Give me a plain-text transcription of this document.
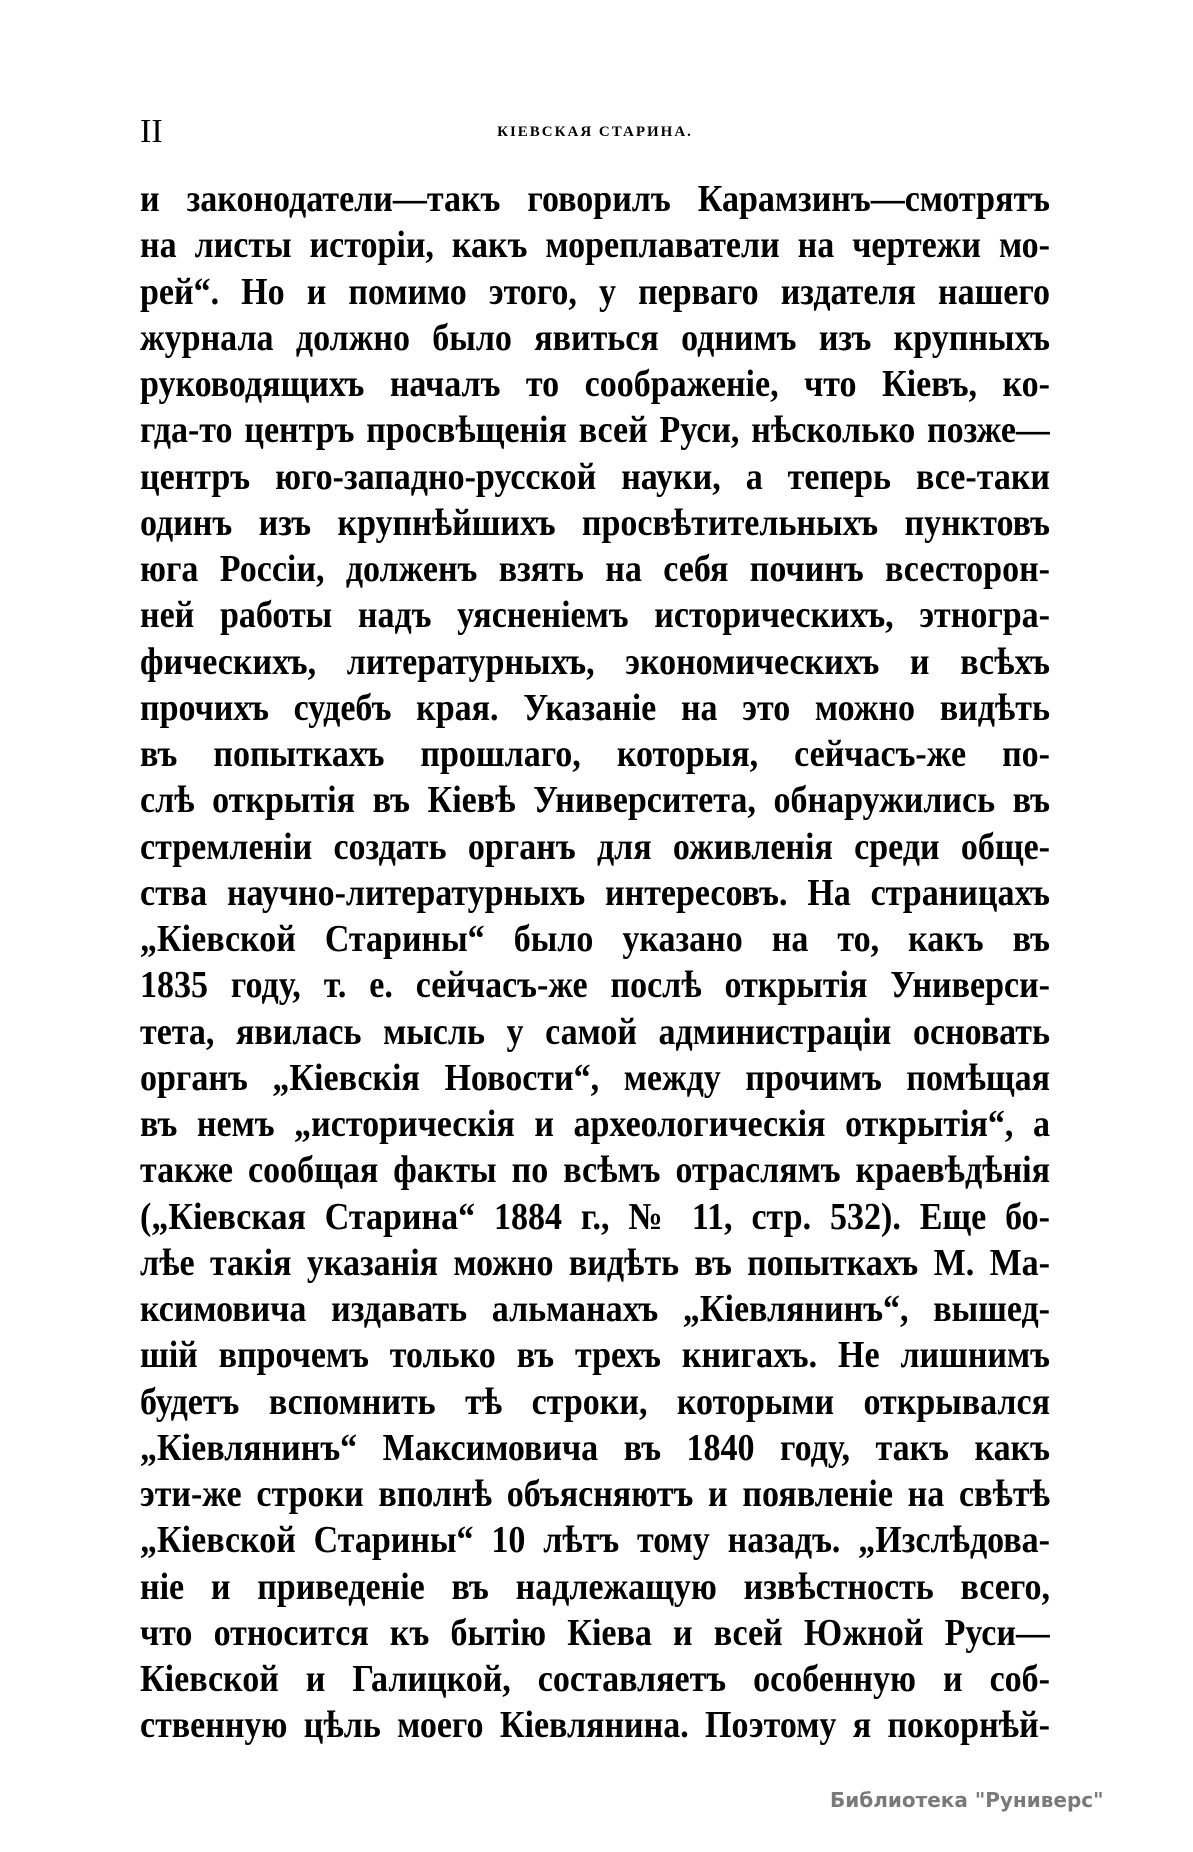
II	КІЕВСКАЯ СТАРИНА.
и законодатели—такъ говорилъ Карамзинъ—смотрятъ
на листы исторіи, какъ мореплаватели на чертежи мо-
рей“. Но и помимо этого, у перваго издателя нашего
журнала должно было явиться однимъ изъ крупныхъ
руководящихъ началъ то соображеніе, что Кіевъ, ко-
гда-то центръ просвѣщенія всей Руси, нѣсколько позже—
центръ юго-западно-русской науки, а теперь все-таки
одинъ изъ крупнѣйшихъ просвѣтительныхъ пунктовъ
юга Россіи, долженъ взять на себя починъ всесторон-
ней работы надъ уясненіемъ историческихъ, этногра-
фическихъ, литературныхъ, экономическихъ и всѣхъ
прочихъ судебъ края. Указаніе на это можно видѣть
въ попыткахъ прошлаго, которыя, сейчасъ-же по-
слѣ открытія въ Кіевѣ Университета, обнаружились въ
стремленіи создать органъ для оживленія среди обще-
ства научно-литературныхъ интересовъ. На страницахъ
„Кіевской Старины“ было указано на то, какъ въ
1835 году, т. е. сейчасъ-же послѣ открытія Универси-
тета, явилась мысль у самой администраціи основать
органъ „Кіевскія Новости“, между прочимъ помѣщая
въ немъ „историческія и археологическія открытія“, а
также сообщая факты по всѣмъ отраслямъ краевѣдѣнія
(„Кіевская Старина“ 1884 г., № 11, стр. 532). Еще бо-
лѣе такія указанія можно видѣть въ попыткахъ М. Ма-
ксимовича издавать альманахъ „Кіевлянинъ“, вышед-
шій впрочемъ только въ трехъ книгахъ. Не лишнимъ
будетъ вспомнить тѣ строки, которыми открывался
„Кіевлянинъ“ Максимовича въ 1840 году, такъ какъ
эти-же строки вполнѣ объясняютъ и появленіе на свѣтѣ
„Кіевской Старины“ 10 лѣтъ тому назадъ. „Изслѣдова-
ніе и приведеніе въ надлежащую извѣстность всего,
что относится къ бытію Кіева и всей Южной Руси—
Кіевской и Галицкой, составляетъ особенную и соб-
ственную цѣль моего Кіевлянина. Поэтому я покорнѣй-
Библиотека "Руниверс"
